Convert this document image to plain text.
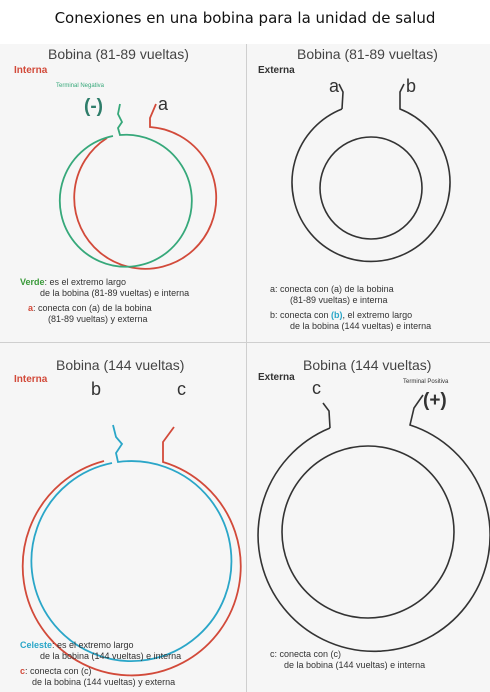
Conexiones en una bobina para la unidad de salud
Bobina (81-89 vueltas)
Interna
Terminal Negativa
(-)	a

Verde: es el extremo largo
de la bobina (81-89 vueltas) e interna

a: conecta con (a) de la bobina
(81-89 vueltas) y externa

Bobina (81-89 vueltas)
Externa
a	b

a: conecta con (a) de la bobina
(81-89 vueltas) e interna

b: conecta con (b), el extremo largo
de la bobina (144 vueltas) e interna

Bobina (144 vueltas)
Interna b	c

Celeste: es el extremo largo
de la bobina (144 vueltas) e interna

c: conecta con (c)
de la bobina (144 vueltas) y externa

Bobina (144 vueltas)
Externa	Terminal Positiva
(+)
c

c: conecta con (c)
de la bobina (144 vueltas) e interna
